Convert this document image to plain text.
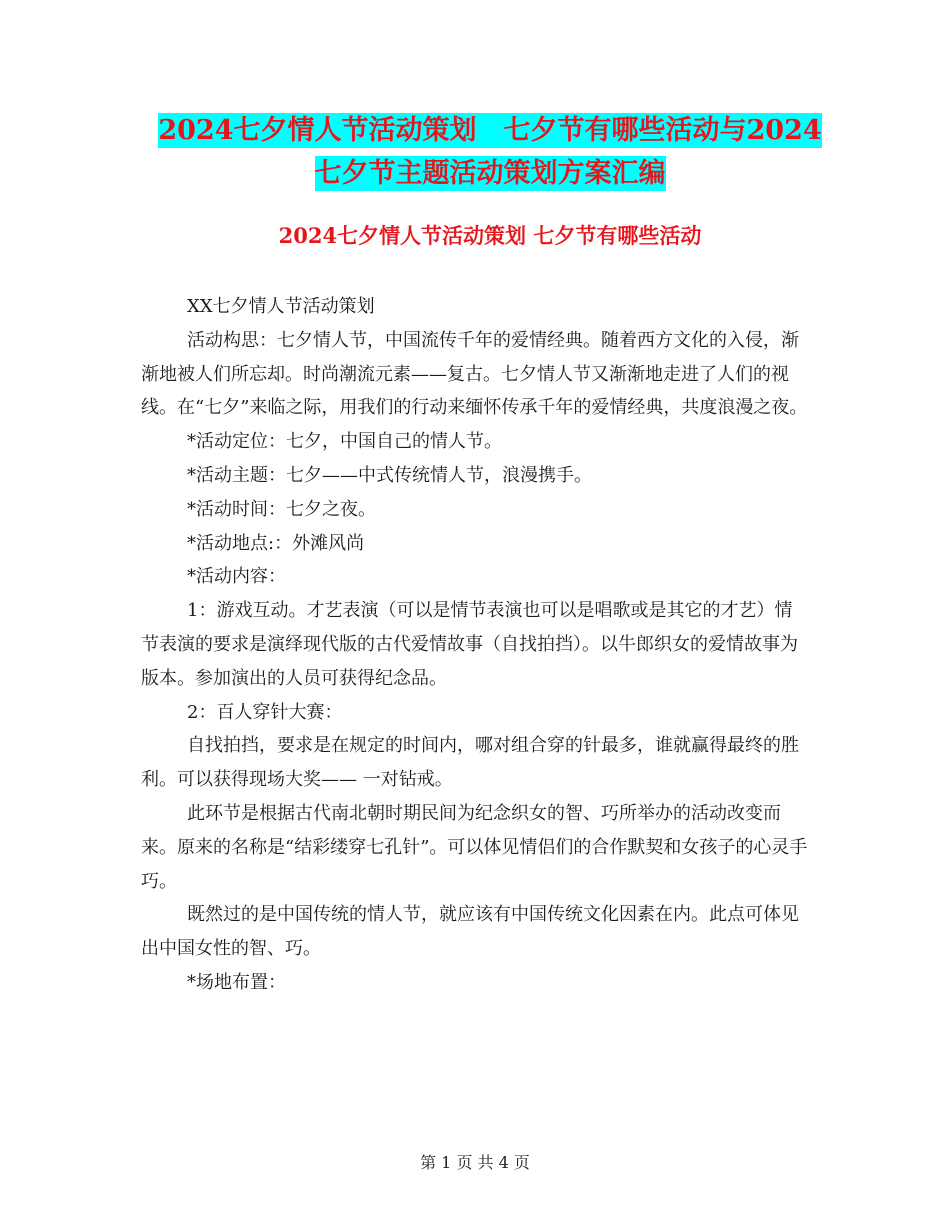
2024七夕情人节活动策划　七夕节有哪些活动与2024
七夕节主题活动策划方案汇编
2024七夕情人节活动策划 七夕节有哪些活动

XX七夕情人节活动策划

活动构思：七夕情人节，中国流传千年的爱情经典。随着西方文化的入侵，渐渐地被人们所忘却。时尚潮流元素——复古。七夕情人节又渐渐地走进了人们的视线。在“七夕”来临之际，用我们的行动来缅怀传承千年的爱情经典，共度浪漫之夜。

*活动定位：七夕，中国自己的情人节。

*活动主题：七夕——中式传统情人节，浪漫携手。

*活动时间：七夕之夜。

*活动地点:：外滩风尚

*活动内容：

1：游戏互动。才艺表演（可以是情节表演也可以是唱歌或是其它的才艺）情节表演的要求是演绎现代版的古代爱情故事（自找拍挡）。以牛郎织女的爱情故事为版本。参加演出的人员可获得纪念品。

2：百人穿针大赛：

自找拍挡，要求是在规定的时间内，哪对组合穿的针最多，谁就赢得最终的胜利。可以获得现场大奖—— 一对钻戒。

此环节是根据古代南北朝时期民间为纪念织女的智、巧所举办的活动改变而来。原来的名称是“结彩缕穿七孔针”。可以体见情侣们的合作默契和女孩子的心灵手巧。

既然过的是中国传统的情人节，就应该有中国传统文化因素在内。此点可体见出中国女性的智、巧。

*场地布置：

第 1 页 共 4 页
